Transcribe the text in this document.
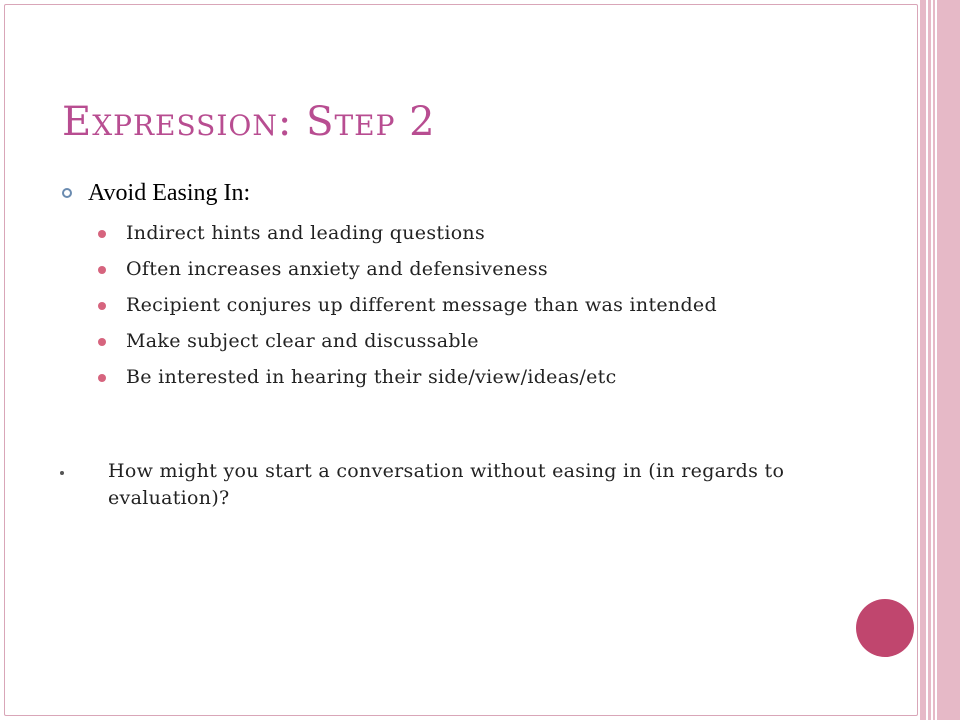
Expression: Step 2
Avoid Easing In:
Indirect hints and leading questions
Often increases anxiety and defensiveness
Recipient conjures up different message than was intended
Make subject clear and discussable
Be interested in hearing their side/view/ideas/etc
How might you start a conversation without easing in (in regards to evaluation)?
